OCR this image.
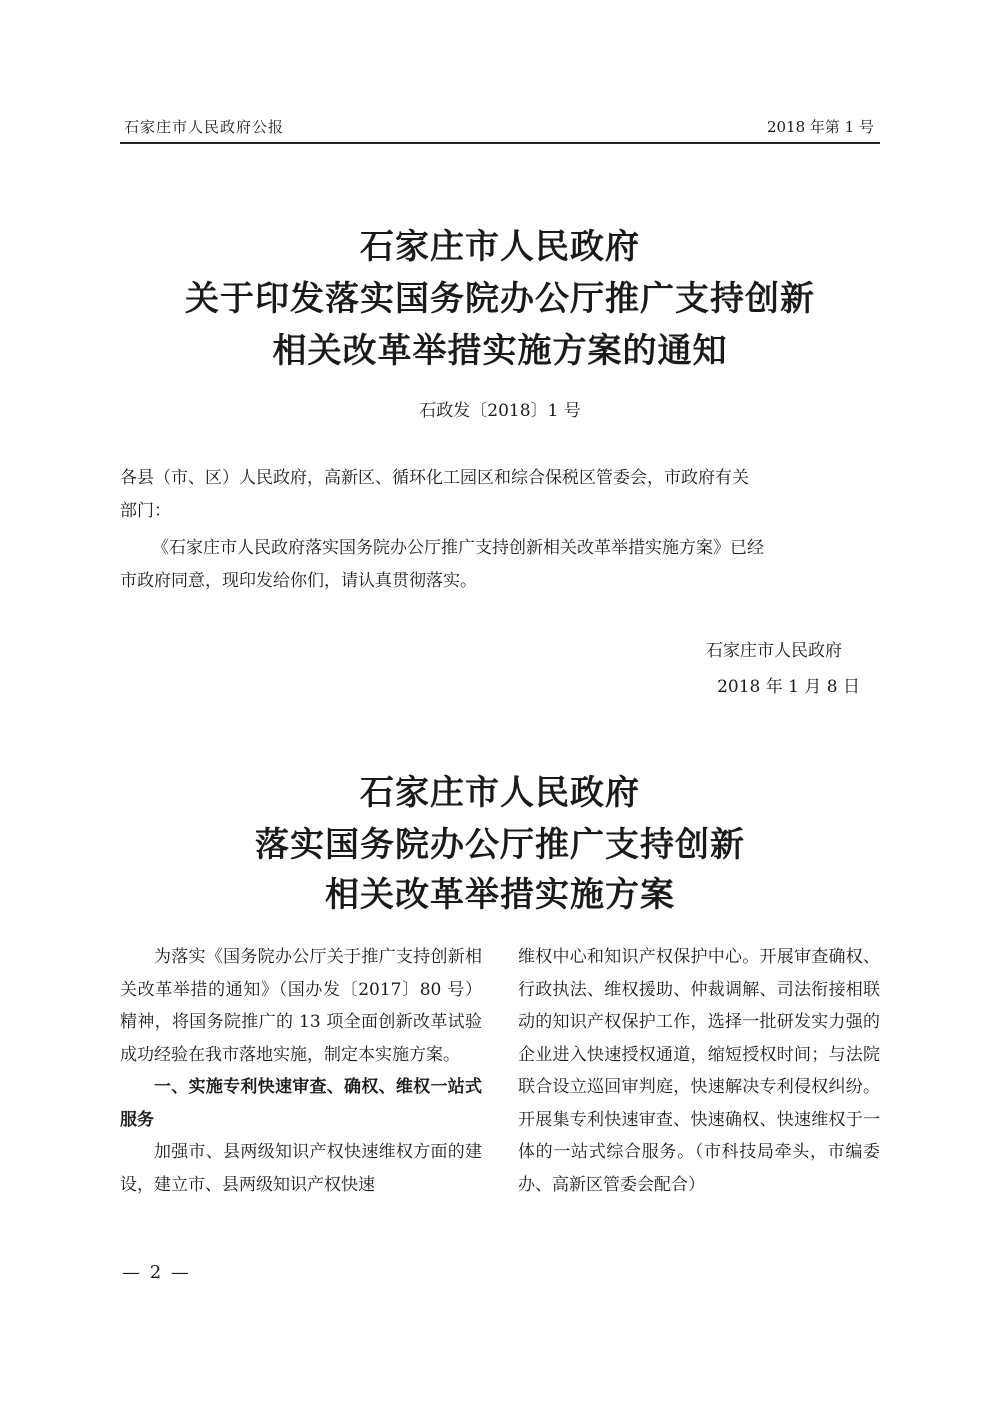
石家庄市人民政府公报	2018 年第 1 号
石家庄市人民政府
关于印发落实国务院办公厅推广支持创新
相关改革举措实施方案的通知
石政发〔2018〕1 号
各县（市、区）人民政府，高新区、循环化工园区和综合保税区管委会，市政府有关
部门：
《石家庄市人民政府落实国务院办公厅推广支持创新相关改革举措实施方案》已经
市政府同意，现印发给你们，请认真贯彻落实。
石家庄市人民政府
2018 年 1 月 8 日
石家庄市人民政府
落实国务院办公厅推广支持创新
相关改革举措实施方案

为落实《国务院办公厅关于推广支持创新相关改革举措的通知》（国办发〔2017〕80 号）精神，将国务院推广的 13 项全面创新改革试验成功经验在我市落地实施，制定本实施方案。

一、实施专利快速审查、确权、维权一站式服务

加强市、县两级知识产权快速维权方面的建设，建立市、县两级知识产权快速

维权中心和知识产权保护中心。开展审查确权、行政执法、维权援助、仲裁调解、司法衔接相联动的知识产权保护工作，选择一批研发实力强的企业进入快速授权通道，缩短授权时间；与法院联合设立巡回审判庭，快速解决专利侵权纠纷。开展集专利快速审查、快速确权、快速维权于一体的一站式综合服务。（市科技局牵头，市编委办、高新区管委会配合）

— 2 —
